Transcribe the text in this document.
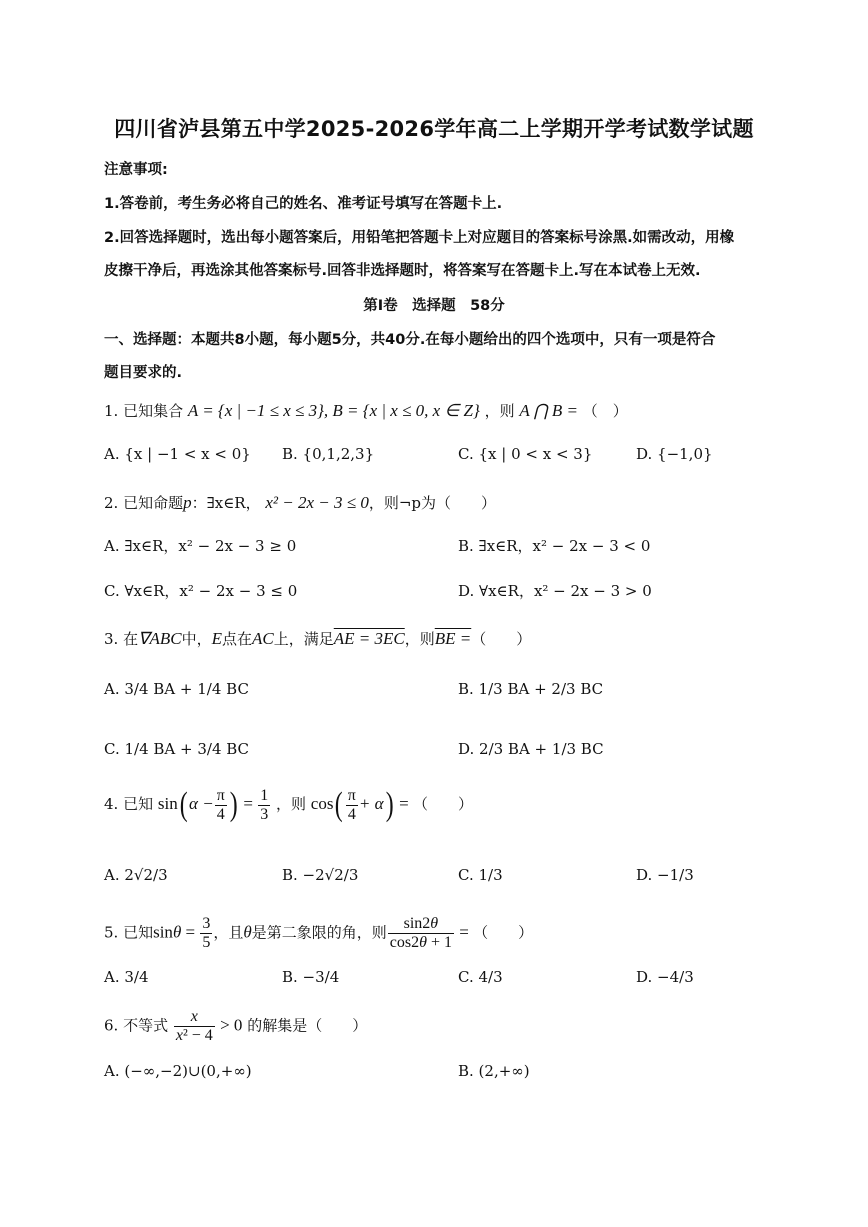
四川省泸县第五中学2025-2026学年高二上学期开学考试数学试题
注意事项:
1.答卷前，考生务必将自己的姓名、准考证号填写在答题卡上.
2.回答选择题时，选出每小题答案后，用铅笔把答题卡上对应题目的答案标号涂黑.如需改动，用橡
皮擦干净后，再选涂其他答案标号.回答非选择题时，将答案写在答题卡上.写在本试卷上无效.
第I卷　选择题　58分
一、选择题：本题共8小题，每小题5分，共40分.在每小题给出的四个选项中，只有一项是符合
题目要求的.
1. 已知集合 A = {x | −1 ≤ x ≤ 3}, B = {x | x ≤ 0, x ∈ Z} ，则 A ⋂ B = （　）
A. {x | −1 < x < 0} B. {0,1,2,3}	C. {x | 0 < x < 3}	D. {−1,0}
2. 已知命题p：∃x∈R， x² − 2x − 3 ≤ 0，则¬p为（　　）
A. ∃x∈R，x² − 2x − 3 ≥ 0	B. ∃x∈R，x² − 2x − 3 < 0
C. ∀x∈R，x² − 2x − 3 ≤ 0	D. ∀x∈R，x² − 2x − 3 > 0
3. 在∇ABC中，E点在AC上，满足AE = 3EC，则BE =（　　）
A. 3/4 BA + 1/4 BC	B. 1/3 BA + 2/3 BC
C. 1/4 BA + 3/4 BC	D. 2/3 BA + 1/3 BC
4. 已知 $\sin(\alpha - \frac{\pi}{4}$ ) = $\frac{1}{3}$ ，则 $\cos( \frac{\pi}{4} + \alpha)$ = （　　）
A. 2√2/3	B. −2√2/3	C. 1/3	D. −1/3
5. 已知$\sin\theta = \frac{3}{5}$ ，且θ是第二象限的角，则 $\frac{\sin 2\theta}{\cos 2\theta + 1}$ = （　　）
A. 3/4	B. −3/4	C. 4/3	D. −4/3
6. 不等式 $\frac{x}{\text{x² − 4}} > 0$ 的解集是（　　）
A. (−∞,−2)∪(0,+∞)	B. (2,+∞)
